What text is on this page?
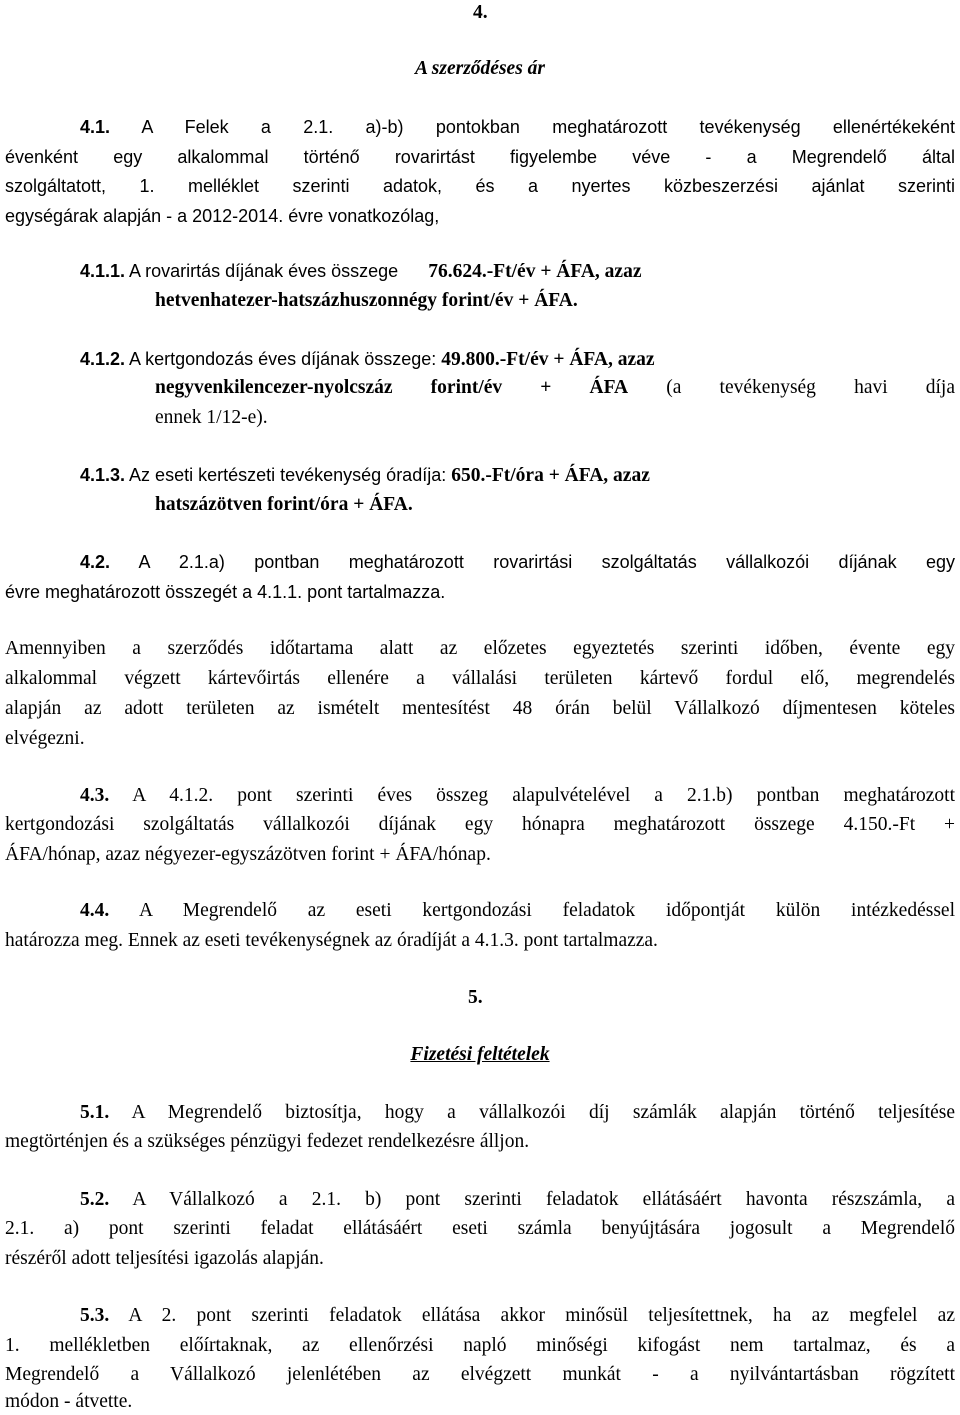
4.
A szerződéses ár
4.1. A Felek a 2.1. a)-b) pontokban meghatározott tevékenység ellenértékeként
évenként egy alkalommal történő rovarirtást figyelembe véve - a Megrendelő által
szolgáltatott, 1. melléklet szerinti adatok, és a nyertes közbeszerzési ajánlat szerinti
egységárak alapján - a 2012-2014. évre vonatkozólag,
4.1.1. A rovarirtás díjának éves összege      76.624.-Ft/év + ÁFA, azaz
hetvenhatezer-hatszázhuszonnégy forint/év + ÁFA.
4.1.2. A kertgondozás éves díjának összege: 49.800.-Ft/év + ÁFA, azaz
negyvenkilencezer-nyolcszáz forint/év + ÁFA (a tevékenység havi díja
ennek 1/12-e).
4.1.3. Az eseti kertészeti tevékenység óradíja: 650.-Ft/óra + ÁFA, azaz
hatszázötven forint/óra + ÁFA.
4.2. A 2.1.a) pontban meghatározott rovarirtási szolgáltatás vállalkozói díjának egy
évre meghatározott összegét a 4.1.1. pont tartalmazza.
Amennyiben a szerződés időtartama alatt az előzetes egyeztetés szerinti időben, évente egy
alkalommal végzett kártevőirtás ellenére a vállalási területen kártevő fordul elő, megrendelés
alapján az adott területen az ismételt mentesítést 48 órán belül Vállalkozó díjmentesen köteles
elvégezni.
4.3. A 4.1.2. pont szerinti éves összeg alapulvételével a 2.1.b) pontban meghatározott
kertgondozási szolgáltatás vállalkozói díjának egy hónapra meghatározott összege 4.150.-Ft +
ÁFA/hónap, azaz négyezer-egyszázötven forint + ÁFA/hónap.
4.4. A Megrendelő az eseti kertgondozási feladatok időpontját külön intézkedéssel
határozza meg. Ennek az eseti tevékenységnek az óradíját a 4.1.3. pont tartalmazza.
5.
Fizetési feltételek
5.1. A Megrendelő biztosítja, hogy a vállalkozói díj számlák alapján történő teljesítése
megtörténjen és a szükséges pénzügyi fedezet rendelkezésre álljon.
5.2. A Vállalkozó a 2.1. b) pont szerinti feladatok ellátásáért havonta részszámla, a
2.1. a) pont szerinti feladat ellátásáért eseti számla benyújtására jogosult a Megrendelő
részéről adott teljesítési igazolás alapján.
5.3. A 2. pont szerinti feladatok ellátása akkor minősül teljesítettnek, ha az megfelel az
1. mellékletben előírtaknak, az ellenőrzési napló minőségi kifogást nem tartalmaz, és a
Megrendelő a Vállalkozó jelenlétében az elvégzett munkát - a nyilvántartásban rögzített
módon - átvette.
